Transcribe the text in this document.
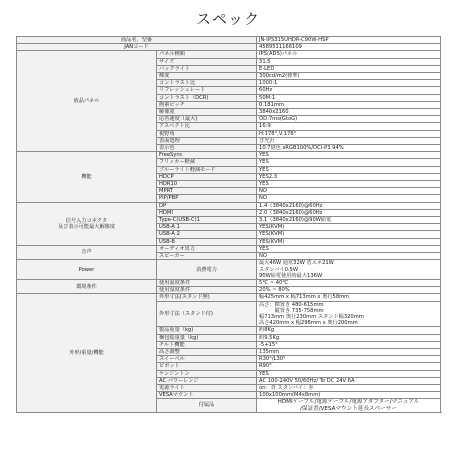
スペック
商品名、型番		JN-IPS315UHDR-C90W-HSP
JANコード		4589511166109
液晶パネル	パネル種類	IPS(ADS)パネル
	サイズ	31.5
	バックライト	E-LED
	輝度	300cd/m2(標準)
	コントラスト比	1000:1
	リフレッシュレート	60Hz
	コントラスト（DCR)	50M:1
	画素ピッチ	0.181mm
	解像度	3840x2160
	応答速度（最大)	OD:7ms(GtoG)
	アスペクト比	16:9
	視野角	H:178°,V:178°
	表面処理	非光沢
	表示色	10.7億色 sRGB100%/DCI-P3 94%
機能	FreeSync	YES
	フリッカー軽減	YES
	ブルーライト軽減モード	YES
	HDCP	YES2.3
	HDR10	YES
	MPRT	NO
	PIP/PBP	NO
信号入力コネクタ
及び表示可能最大解像度	DP	1.4（3840x2160)@60Hz
	HDMI	2.0（3840x2160)@60Hz
	Type-C(USB-C)1	3.1（3840x2160)@90W給電
	USB-A 1	YES(KVM)
	USB-A 2	YES(KVM)
	USB-B	YES(KVM)
音声	オーディオ出力	YES
	スピーカー	NO
Power	消費電力	最大46W 通常32W 省エネ21W
スタンバイ0.5W
90W給電使用時最大136W

環境条件	使用温度条件	5℃ ~ 40℃
	使用湿度条件	20% ~ 80%
外形/重量/機能	外形寸法(スタンド無)	幅425mm x 幅713mm x 奥行58mm
	外形寸法（スタンド付)	高さ：横置き 480-615mm
　　　縦置き 735-758mm
幅713mm 奥行230mm スタンド幅320mm
高さ420mm x 幅298mm x 奥行200mm

	製品重量（kg)	約8Kg
	梱包総重量（kg)	約9.5Kg
	チルト機能	-5+15°
	高さ調整	135mm
	スイーベル	R30°/L30°
	ピボット	R90°
	ケンジントン	YES
	AC パワーレンジ	AC 100-240V 50/60Hz/ To DC 24V 6A
	電源ライト	on：青 スタンバイ：赤
	VESAマウント	100x100mm(M4x8mm)
	付属品	HDMIケーブル/電源ケーブル/電源アダプター/マニュアル
/保証書/VESAマウント延長スペーサー
